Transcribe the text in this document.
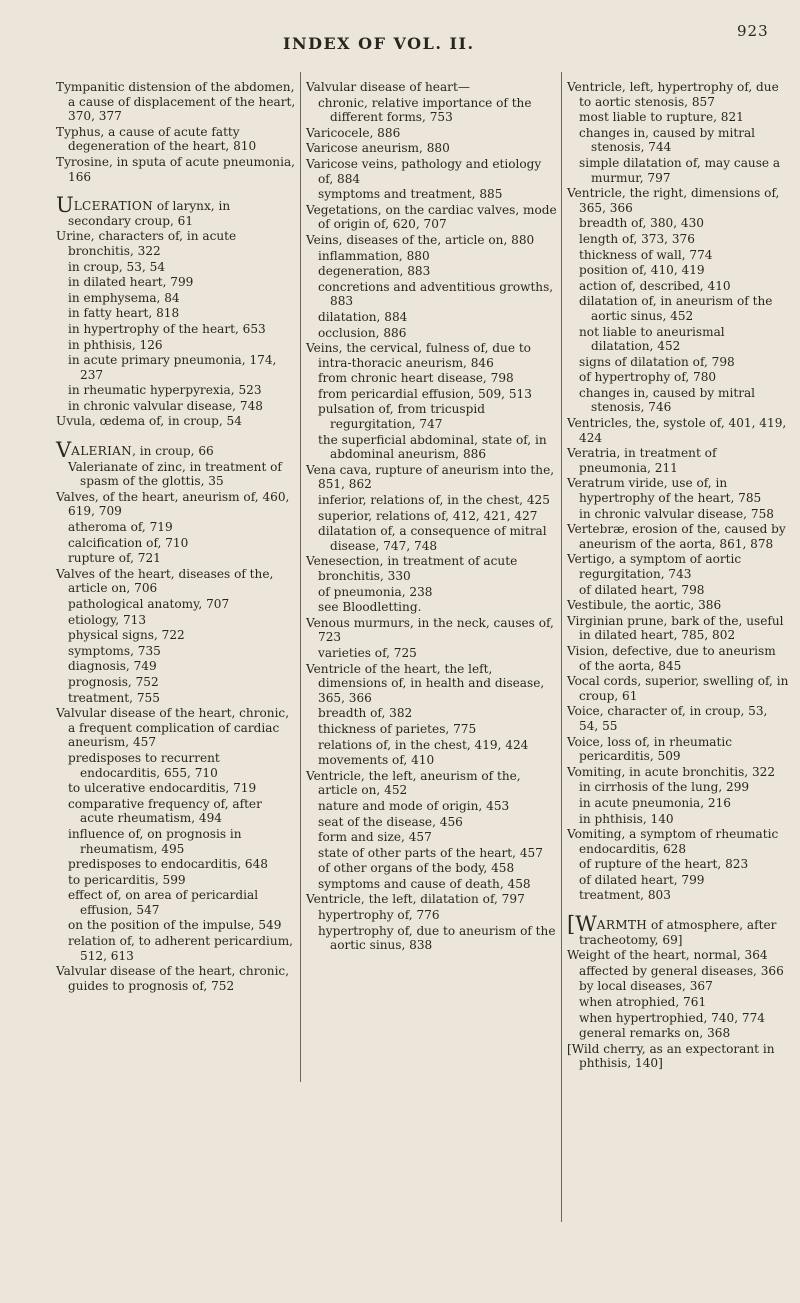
INDEX OF VOL. II.
923
Tympanitic distension of the abdomen, a cause of displacement of the heart, 370, 377
Typhus, a cause of acute fatty degeneration of the heart, 810
Tyrosine, in sputa of acute pneumonia, 166
ULCERATION of larynx, in secondary croup, 61
Urine, characters of, in acute bronchitis, 322
in croup, 53, 54
in dilated heart, 799
in emphysema, 84
in fatty heart, 818
in hypertrophy of the heart, 653
in phthisis, 126
in acute primary pneumonia, 174, 237
in rheumatic hyperpyrexia, 523
in chronic valvular disease, 748
Uvula, œdema of, in croup, 54
VALERIAN, in croup, 66
Valerianate of zinc, in treatment of spasm of the glottis, 35
Valves, of the heart, aneurism of, 460, 619, 709
atheroma of, 719
calcification of, 710
rupture of, 721
Valves of the heart, diseases of the, article on, 706
pathological anatomy, 707
etiology, 713
physical signs, 722
symptoms, 735
diagnosis, 749
prognosis, 752
treatment, 755
Valvular disease of the heart, chronic, a frequent complication of cardiac aneurism, 457
predisposes to recurrent endocarditis, 655, 710
to ulcerative endocarditis, 719
comparative frequency of, after acute rheumatism, 494
influence of, on prognosis in rheumatism, 495
predisposes to endocarditis, 648
to pericarditis, 599
effect of, on area of pericardial effusion, 547
on the position of the impulse, 549
relation of, to adherent pericardium, 512, 613
Valvular disease of the heart, chronic, guides to prognosis of, 752
Valvular disease of heart—
chronic, relative importance of the different forms, 753
Varicocele, 886
Varicose aneurism, 880
Varicose veins, pathology and etiology of, 884
symptoms and treatment, 885
Vegetations, on the cardiac valves, mode of origin of, 620, 707
Veins, diseases of the, article on, 880
inflammation, 880
degeneration, 883
concretions and adventitious growths, 883
dilatation, 884
occlusion, 886
Veins, the cervical, fulness of, due to intra-thoracic aneurism, 846
from chronic heart disease, 798
from pericardial effusion, 509, 513
pulsation of, from tricuspid regurgitation, 747
the superficial abdominal, state of, in abdominal aneurism, 886
Vena cava, rupture of aneurism into the, 851, 862
inferior, relations of, in the chest, 425
superior, relations of, 412, 421, 427
dilatation of, a consequence of mitral disease, 747, 748
Venesection, in treatment of acute bronchitis, 330
of pneumonia, 238
see Bloodletting.
Venous murmurs, in the neck, causes of, 723
varieties of, 725
Ventricle of the heart, the left, dimensions of, in health and disease, 365, 366
breadth of, 382
thickness of parietes, 775
relations of, in the chest, 419, 424
movements of, 410
Ventricle, the left, aneurism of the, article on, 452
nature and mode of origin, 453
seat of the disease, 456
form and size, 457
state of other parts of the heart, 457
of other organs of the body, 458
symptoms and cause of death, 458
Ventricle, the left, dilatation of, 797
hypertrophy of, 776
hypertrophy of, due to aneurism of the aortic sinus, 838
Ventricle, left, hypertrophy of, due to aortic stenosis, 857
most liable to rupture, 821
changes in, caused by mitral stenosis, 744
simple dilatation of, may cause a murmur, 797
Ventricle, the right, dimensions of, 365, 366
breadth of, 380, 430
length of, 373, 376
thickness of wall, 774
position of, 410, 419
action of, described, 410
dilatation of, in aneurism of the aortic sinus, 452
not liable to aneurismal dilatation, 452
signs of dilatation of, 798
of hypertrophy of, 780
changes in, caused by mitral stenosis, 746
Ventricles, the, systole of, 401, 419, 424
Veratria, in treatment of pneumonia, 211
Veratrum viride, use of, in hypertrophy of the heart, 785
in chronic valvular disease, 758
Vertebræ, erosion of the, caused by aneurism of the aorta, 861, 878
Vertigo, a symptom of aortic regurgitation, 743
of dilated heart, 798
Vestibule, the aortic, 386
Virginian prune, bark of the, useful in dilated heart, 785, 802
Vision, defective, due to aneurism of the aorta, 845
Vocal cords, superior, swelling of, in croup, 61
Voice, character of, in croup, 53, 54, 55
Voice, loss of, in rheumatic pericarditis, 509
Vomiting, in acute bronchitis, 322
in cirrhosis of the lung, 299
in acute pneumonia, 216
in phthisis, 140
Vomiting, a symptom of rheumatic endocarditis, 628
of rupture of the heart, 823
of dilated heart, 799
treatment, 803
[WARMTH of atmosphere, after tracheotomy, 69]
Weight of the heart, normal, 364
affected by general diseases, 366
by local diseases, 367
when atrophied, 761
when hypertrophied, 740, 774
general remarks on, 368
[Wild cherry, as an expectorant in phthisis, 140]
